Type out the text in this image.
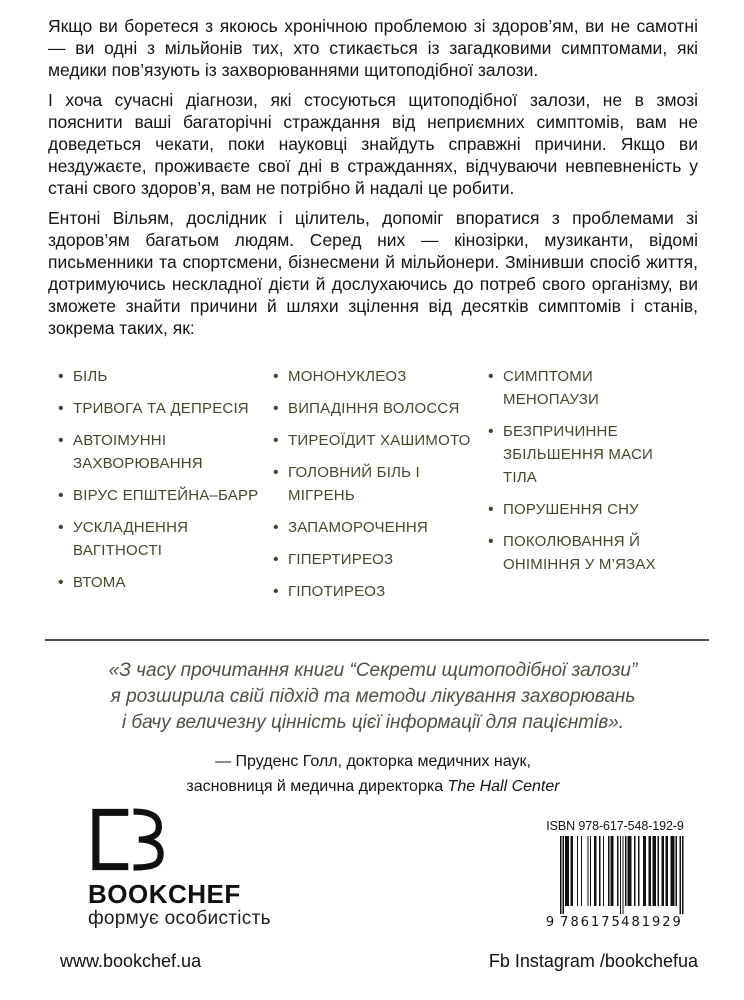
Якщо ви боретеся з якоюсь хронічною проблемою зі здоров’ям, ви не самотні — ви одні з мільйонів тих, хто стикається із загадковими симптомами, які медики пов’язують із захворюваннями щитоподібної залози.

І хоча сучасні діагнози, які стосуються щитоподібної залози, не в змозі пояснити ваші багаторічні страждання від неприємних симптомів, вам не доведеться чекати, поки науковці знайдуть справжні причини. Якщо ви нездужаєте, проживаєте свої дні в стражданнях, відчуваючи невпевненість у стані свого здоров’я, вам не потрібно й надалі це робити.

Ентоні Вільям, дослідник і цілитель, допоміг впоратися з проблемами зі здоров’ям багатьом людям. Серед них — кінозірки, музиканти, відомі письменники та спортсмени, бізнесмени й мільйонери. Змінивши спосіб життя, дотримуючись нескладної дієти й дослухаючись до потреб свого організму, ви зможете знайти причини й шляхи зцілення від десятків симптомів і станів, зокрема таких, як:

• БІЛЬ
• ТРИВОГА ТА ДЕПРЕСІЯ
• АВТОІМУННІ ЗАХВОРЮВАННЯ
• ВІРУС ЕПШТЕЙНА–БАРР
• УСКЛАДНЕННЯ ВАГІТНОСТІ
• ВТОМА
• МОНОНУКЛЕОЗ
• ВИПАДІННЯ ВОЛОССЯ
• ТИРЕОЇДИТ ХАШИМОТО
• ГОЛОВНИЙ БІЛЬ І МІГРЕНЬ
• ЗАПАМОРОЧЕННЯ
• ГІПЕРТИРЕОЗ
• ГІПОТИРЕОЗ
• СИМПТОМИ МЕНОПАУЗИ
• БЕЗПРИЧИННЕ ЗБІЛЬШЕННЯ МАСИ ТІЛА
• ПОРУШЕННЯ СНУ
• ПОКОЛЮВАННЯ Й ОНІМІННЯ У М’ЯЗАХ
«З часу прочитання книги “Секрети щитоподібної залози”
я розширила свій підхід та методи лікування захворювань
і бачу величезну цінність цієї інформації для пацієнтів».
— Пруденс Голл, докторка медичних наук,
засновниця й медична директорка The Hall Center
BOOKCHEF
формує особистість
ISBN 978-617-548-192-9
9 786175 481929
www.bookchef.ua	Fb Instagram /bookchefua
